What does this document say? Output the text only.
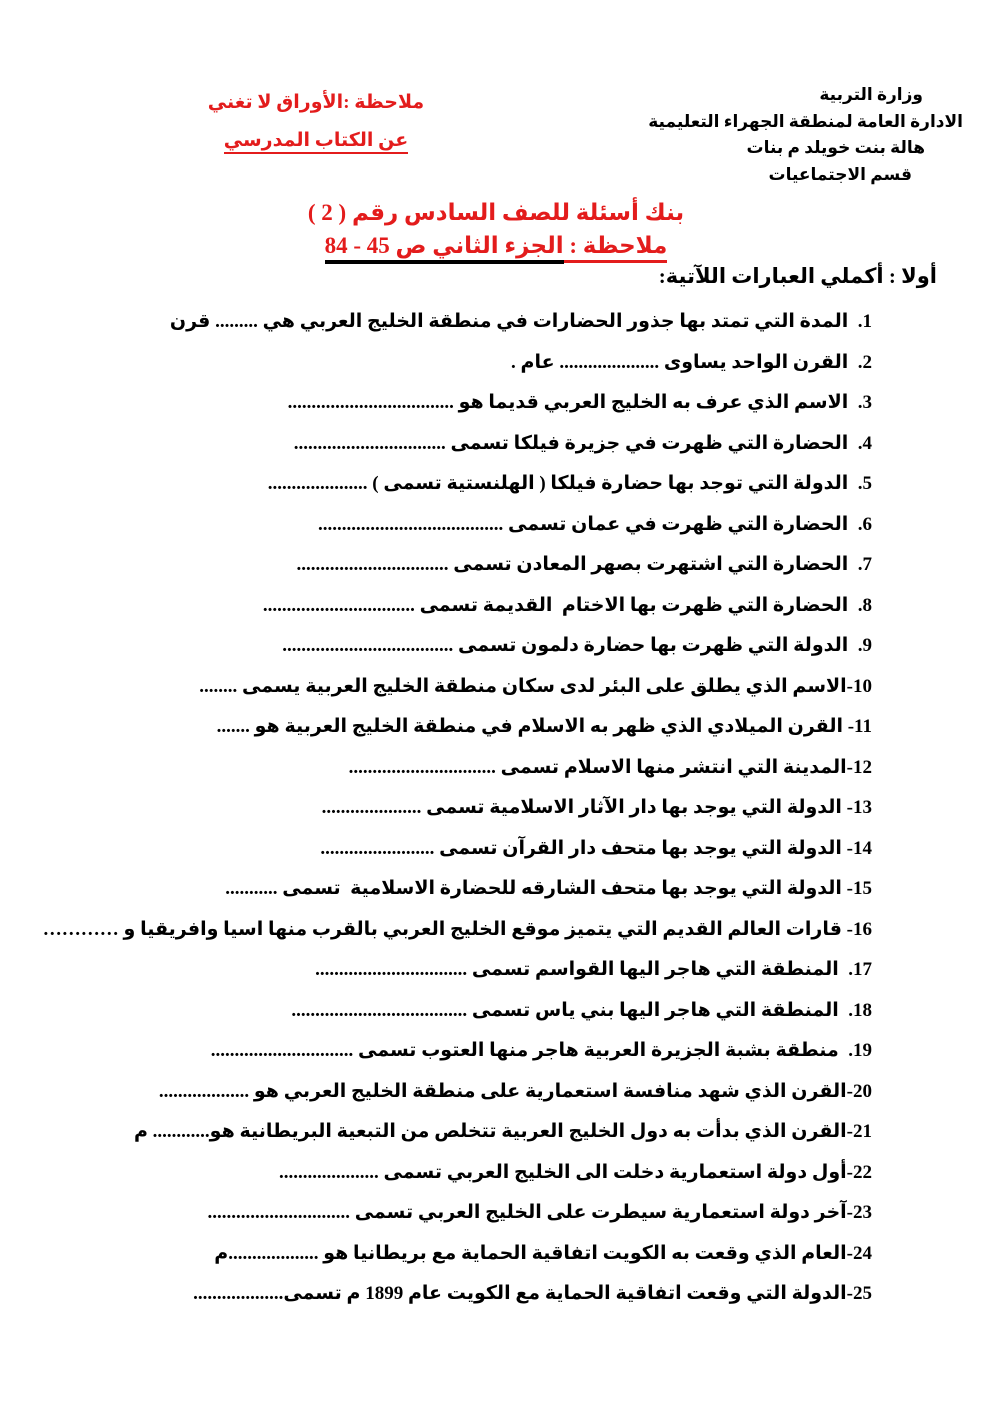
وزارة التربية
الادارة العامة لمنطقة الجهراء التعليمية
هالة بنت خويلد م بنات
قسم الاجتماعيات
ملاحظة :الأوراق لا تغني
عن الكتاب المدرسي
بنك أسئلة للصف السادس رقم ( 2 )
ملاحظة : الجزء الثاني ص 45 - 84
أولا : أكملي العبارات اللآتية:
1.  المدة التي تمتد بها جذور الحضارات في منطقة الخليج العربي هي ......... قرن
2.  القرن الواحد يساوى ..................... عام .
3.  الاسم الذي عرف به الخليج العربي قديما هو ...................................
4.  الحضارة التي ظهرت في جزيرة فيلكا تسمى ................................
5.  الدولة التي توجد بها حضارة فيلكا ( الهلنستية تسمى ) .....................
6.  الحضارة التي ظهرت في عمان تسمى .......................................
7.  الحضارة التي اشتهرت بصهر المعادن تسمى ................................
8.  الحضارة التي ظهرت بها الاختام  القديمة تسمى ................................
9.  الدولة التي ظهرت بها حضارة دلمون تسمى ....................................
10-الاسم الذي يطلق على البئر لدى سكان منطقة الخليج العربية يسمى ........
11- القرن الميلادي الذي ظهر به الاسلام في منطقة الخليج العربية هو .......
12-المدينة التي انتشر منها الاسلام تسمى ...............................
13- الدولة التي يوجد بها دار الآثار الاسلامية تسمى .....................
14- الدولة التي يوجد بها متحف دار القرآن تسمى ........................
15- الدولة التي يوجد بها متحف الشارقه للحضارة الاسلامية  تسمى ...........
16- قارات العالم القديم التي يتميز موقع الخليج العربي بالقرب منها اسيا وافريقيا و …………
17.  المنطقة التي هاجر اليها القواسم تسمى ................................
18.  المنطقة التي هاجر اليها بني ياس تسمى .....................................
19.  منطقة بشبة الجزيرة العربية هاجر منها العتوب تسمى ..............................
20-القرن الذي شهد منافسة استعمارية على منطقة الخليج العربي هو ...................
21-القرن الذي بدأت به دول الخليج العربية تتخلص من التبعية البريطانية هو............ م
22-أول دولة استعمارية دخلت الى الخليج العربي تسمى .....................
23-آخر دولة استعمارية سيطرت على الخليج العربي تسمى ..............................
24-العام الذي وقعت به الكويت اتفاقية الحماية مع بريطانيا هو ...................م
25-الدولة التي وقعت اتفاقية الحماية مع الكويت عام 1899 م تسمى...................
